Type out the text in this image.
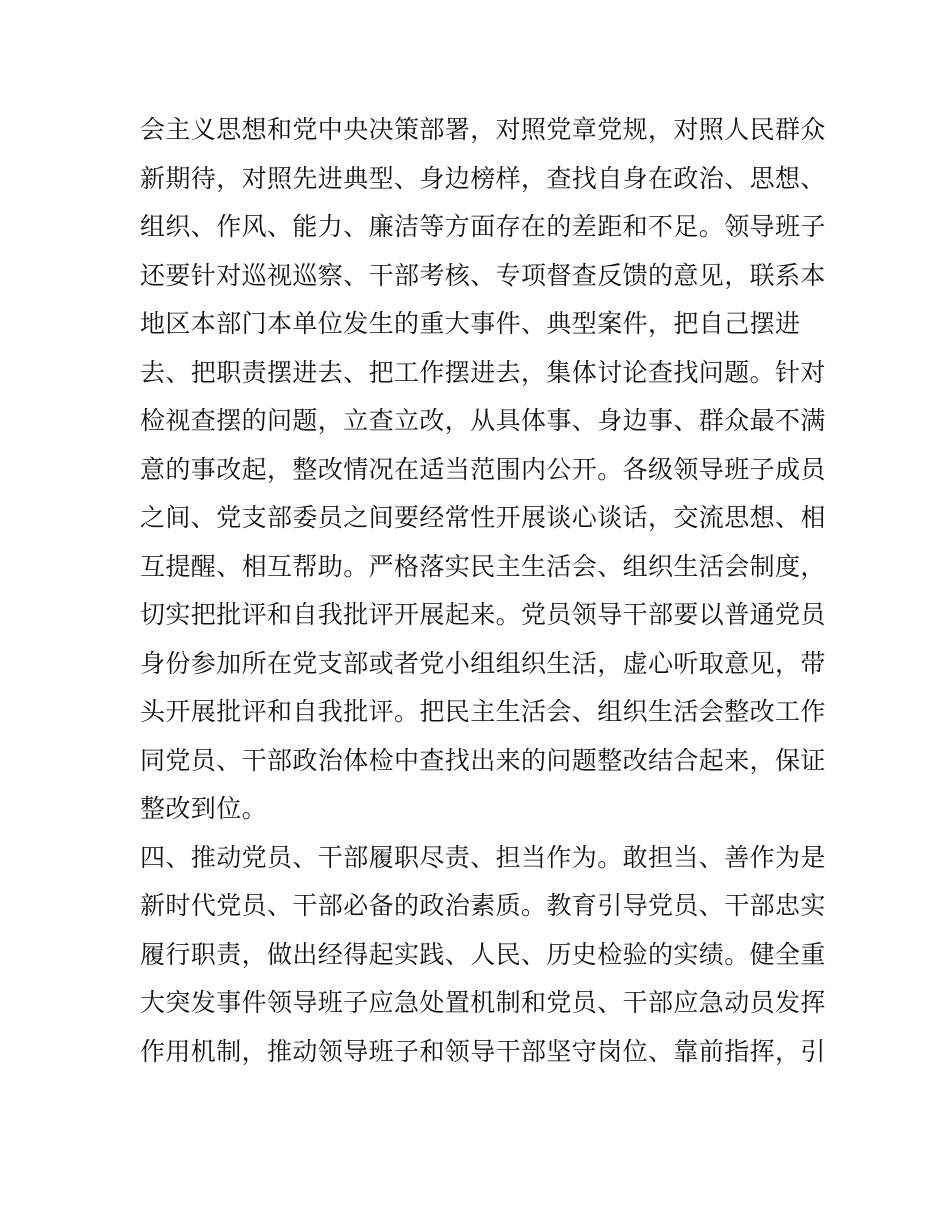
会主义思想和党中央决策部署，对照党章党规，对照人民群众
新期待，对照先进典型、身边榜样，查找自身在政治、思想、
组织、作风、能力、廉洁等方面存在的差距和不足。领导班子
还要针对巡视巡察、干部考核、专项督查反馈的意见，联系本
地区本部门本单位发生的重大事件、典型案件，把自己摆进
去、把职责摆进去、把工作摆进去，集体讨论查找问题。针对
检视查摆的问题，立查立改，从具体事、身边事、群众最不满
意的事改起，整改情况在适当范围内公开。各级领导班子成员
之间、党支部委员之间要经常性开展谈心谈话，交流思想、相
互提醒、相互帮助。严格落实民主生活会、组织生活会制度，
切实把批评和自我批评开展起来。党员领导干部要以普通党员
身份参加所在党支部或者党小组组织生活，虚心听取意见，带
头开展批评和自我批评。把民主生活会、组织生活会整改工作
同党员、干部政治体检中查找出来的问题整改结合起来，保证
整改到位。
四、推动党员、干部履职尽责、担当作为。敢担当、善作为是
新时代党员、干部必备的政治素质。教育引导党员、干部忠实
履行职责，做出经得起实践、人民、历史检验的实绩。健全重
大突发事件领导班子应急处置机制和党员、干部应急动员发挥
作用机制，推动领导班子和领导干部坚守岗位、靠前指挥，引
